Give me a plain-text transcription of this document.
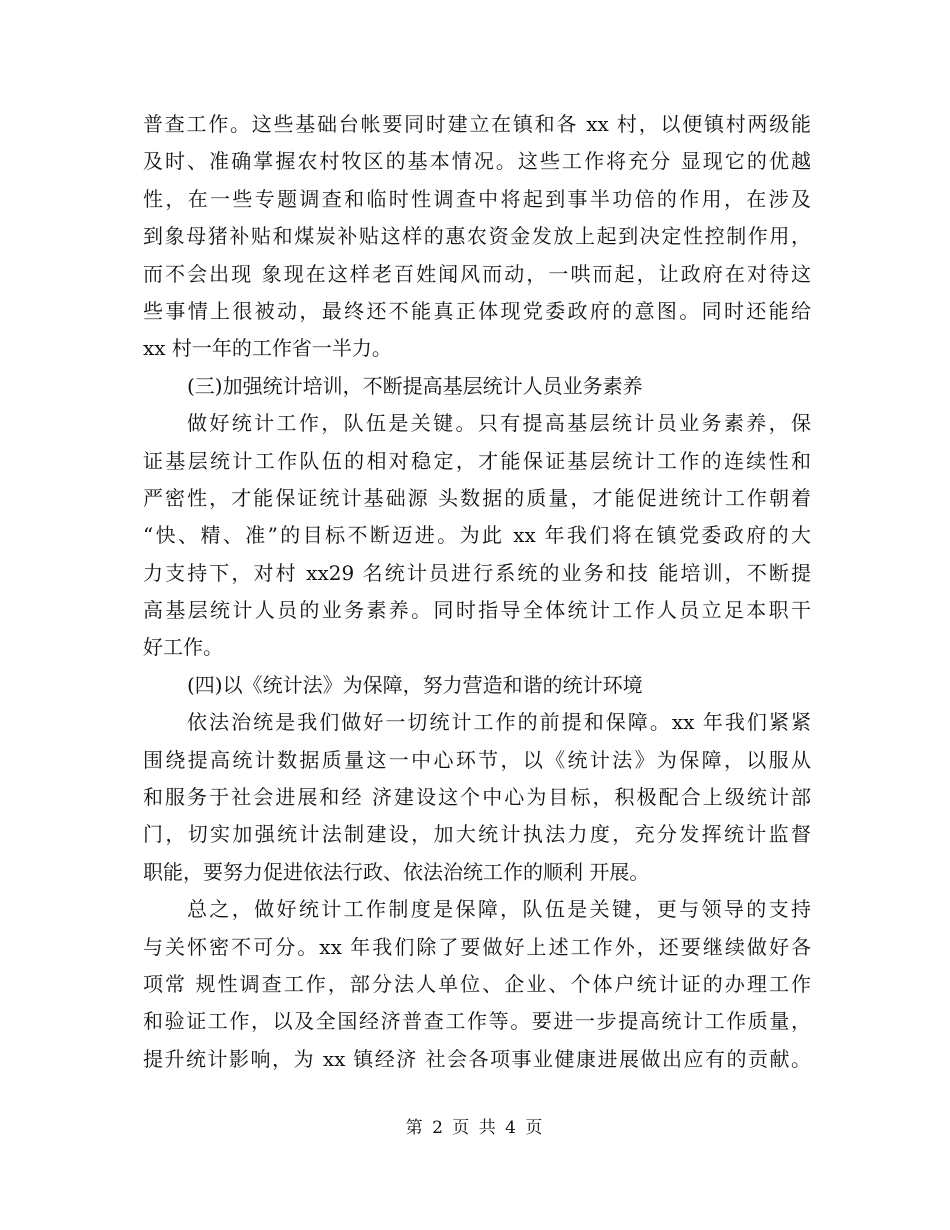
普查工作。这些基础台帐要同时建立在镇和各 xx 村，以便镇村两级能
及时、准确掌握农村牧区的基本情况。这些工作将充分 显现它的优越
性，在一些专题调查和临时性调查中将起到事半功倍的作用，在涉及
到象母猪补贴和煤炭补贴这样的惠农资金发放上起到决定性控制作用，
而不会出现 象现在这样老百姓闻风而动，一哄而起，让政府在对待这
些事情上很被动，最终还不能真正体现党委政府的意图。同时还能给
xx 村一年的工作省一半力。
(三)加强统计培训，不断提高基层统计人员业务素养
做好统计工作，队伍是关键。只有提高基层统计员业务素养，保
证基层统计工作队伍的相对稳定，才能保证基层统计工作的连续性和
严密性，才能保证统计基础源 头数据的质量，才能促进统计工作朝着
“快、精、准”的目标不断迈进。为此 xx 年我们将在镇党委政府的大
力支持下，对村 xx29 名统计员进行系统的业务和技 能培训，不断提
高基层统计人员的业务素养。同时指导全体统计工作人员立足本职干
好工作。
(四)以《统计法》为保障，努力营造和谐的统计环境
依法治统是我们做好一切统计工作的前提和保障。xx 年我们紧紧
围绕提高统计数据质量这一中心环节，以《统计法》为保障，以服从
和服务于社会进展和经 济建设这个中心为目标，积极配合上级统计部
门，切实加强统计法制建设，加大统计执法力度，充分发挥统计监督
职能，要努力促进依法行政、依法治统工作的顺利 开展。
总之，做好统计工作制度是保障，队伍是关键，更与领导的支持
与关怀密不可分。xx 年我们除了要做好上述工作外，还要继续做好各
项常 规性调查工作，部分法人单位、企业、个体户统计证的办理工作
和验证工作，以及全国经济普查工作等。要进一步提高统计工作质量，
提升统计影响，为 xx 镇经济 社会各项事业健康进展做出应有的贡献。
第 2 页 共 4 页
